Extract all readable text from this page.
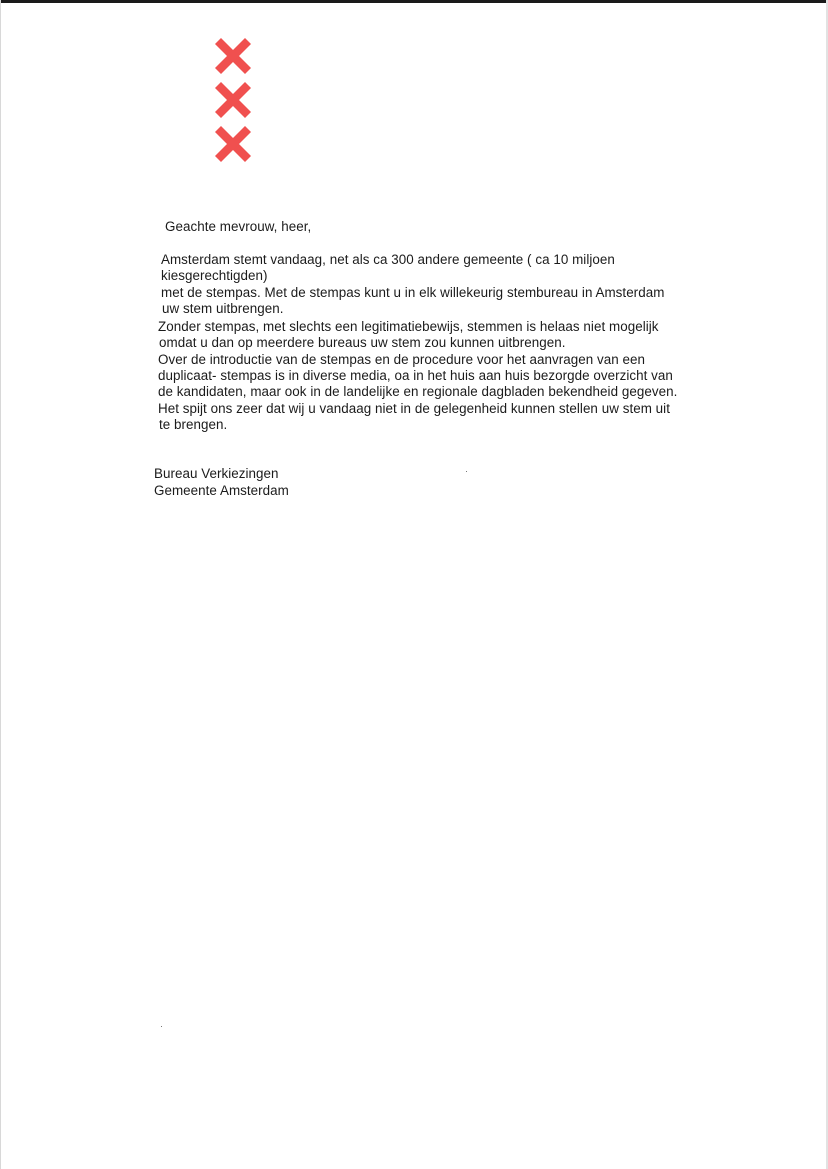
Geachte mevrouw, heer,

Amsterdam stemt vandaag, net als ca 300 andere gemeente ( ca 10 miljoen

kiesgerechtigden)

met de stempas. Met de stempas kunt u in elk willekeurig stembureau in Amsterdam

uw stem uitbrengen.

Zonder stempas, met slechts een legitimatiebewijs, stemmen is helaas niet mogelijk

omdat u dan op meerdere bureaus uw stem zou kunnen uitbrengen.

Over de introductie van de stempas en de procedure voor het aanvragen van een

duplicaat- stempas is in diverse media, oa in het huis aan huis bezorgde overzicht van

de kandidaten, maar ook in de landelijke en regionale dagbladen bekendheid gegeven.

Het spijt ons zeer dat wij u vandaag niet in de gelegenheid kunnen stellen uw stem uit

te brengen.

Bureau Verkiezingen

Gemeente Amsterdam
